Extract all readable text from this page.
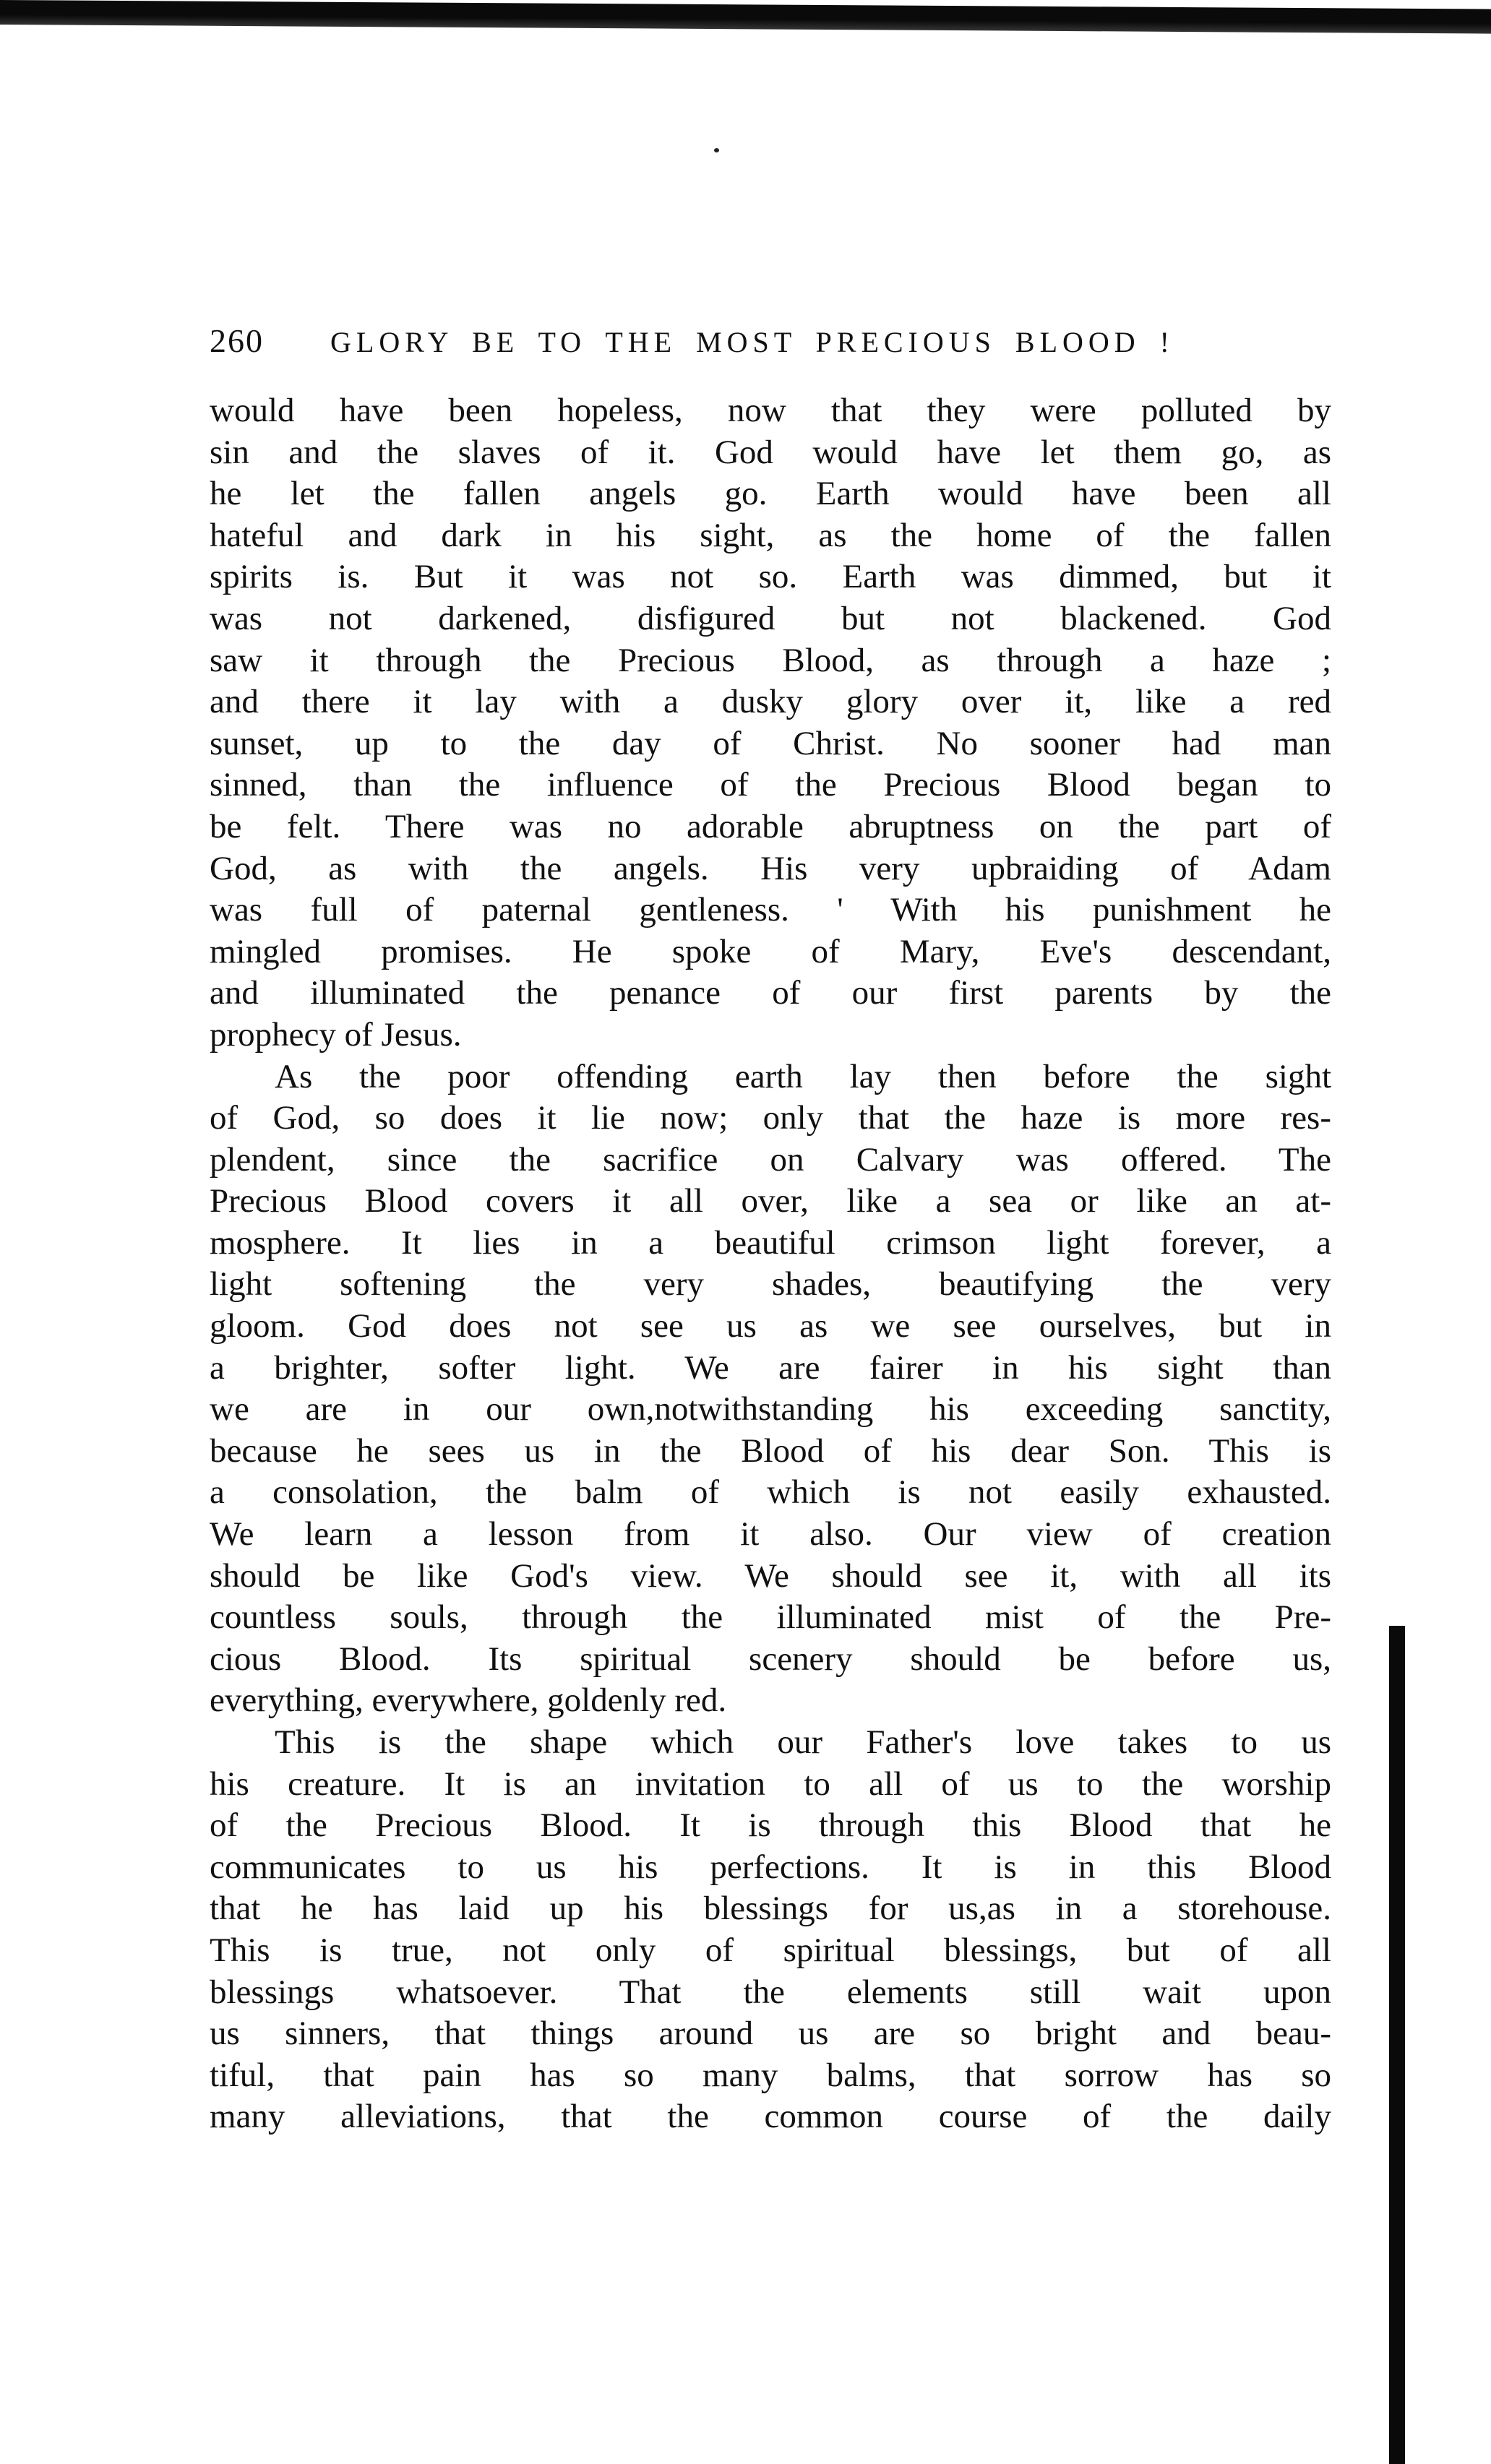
260 GLORY BE TO THE MOST PRECIOUS BLOOD !
would have been hopeless, now that they were polluted by
sin and the slaves of it. God would have let them go, as
he let the fallen angels go. Earth would have been all
hateful and dark in his sight, as the home of the fallen
spirits is. But it was not so. Earth was dimmed, but it
was not darkened, disfigured but not blackened. God
saw it through the Precious Blood, as through a haze ;
and there it lay with a dusky glory over it, like a red
sunset, up to the day of Christ. No sooner had man
sinned, than the influence of the Precious Blood began to
be felt. There was no adorable abruptness on the part of
God, as with the angels. His very upbraiding of Adam
was full of paternal gentleness. ' With his punishment he
mingled promises. He spoke of Mary, Eve's descendant,
and illuminated the penance of our first parents by the
prophecy of Jesus.
As the poor offending earth lay then before the sight
of God, so does it lie now; only that the haze is more res-
plendent, since the sacrifice on Calvary was offered. The
Precious Blood covers it all over, like a sea or like an at-
mosphere. It lies in a beautiful crimson light forever, a
light softening the very shades, beautifying the very
gloom. God does not see us as we see ourselves, but in
a brighter, softer light. We are fairer in his sight than
we are in our own,notwithstanding his exceeding sanctity,
because he sees us in the Blood of his dear Son. This is
a consolation, the balm of which is not easily exhausted.
We learn a lesson from it also. Our view of creation
should be like God's view. We should see it, with all its
countless souls, through the illuminated mist of the Pre-
cious Blood. Its spiritual scenery should be before us,
everything, everywhere, goldenly red.
This is the shape which our Father's love takes to us
his creature. It is an invitation to all of us to the worship
of the Precious Blood. It is through this Blood that he
communicates to us his perfections. It is in this Blood
that he has laid up his blessings for us,as in a storehouse.
This is true, not only of spiritual blessings, but of all
blessings whatsoever. That the elements still wait upon
us sinners, that things around us are so bright and beau-
tiful, that pain has so many balms, that sorrow has so
many alleviations, that the common course of the daily
